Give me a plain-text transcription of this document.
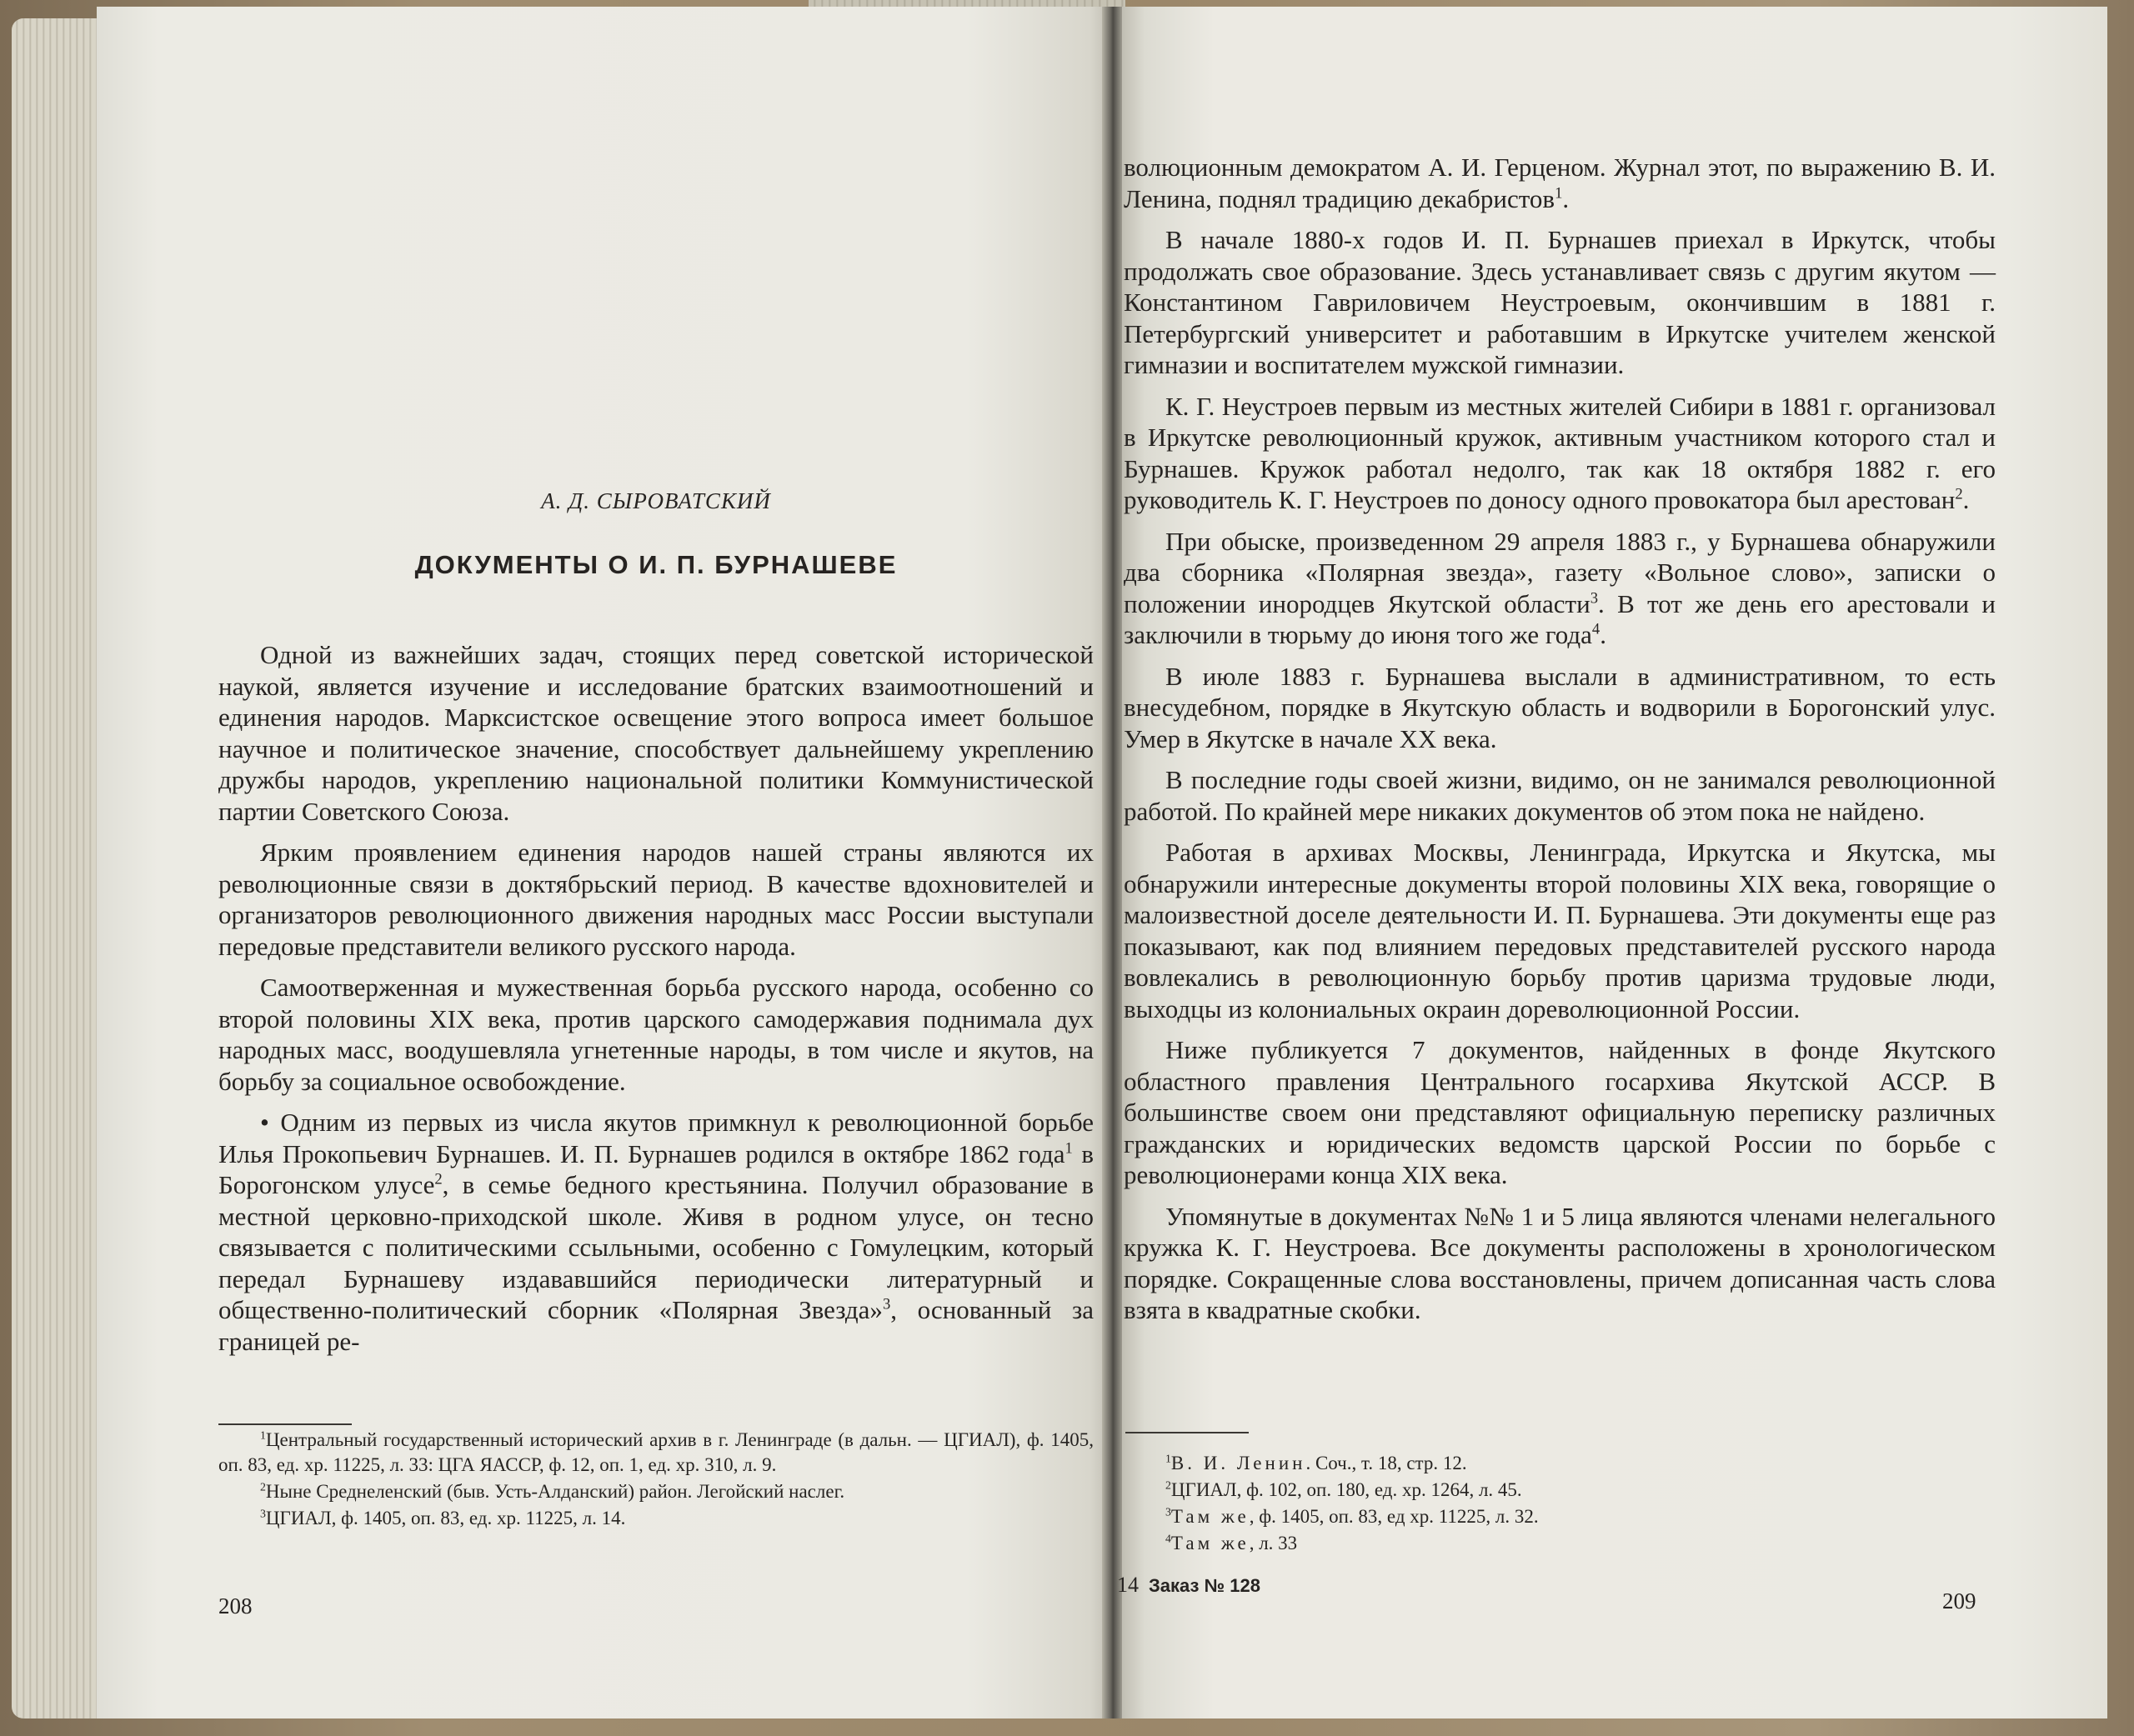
А. Д. СЫРОВАТСКИЙ
ДОКУМЕНТЫ О И. П. БУРНАШЕВЕ

Одной из важнейших задач, стоящих перед советской исторической наукой, является изучение и исследование братских взаимоотношений и единения народов. Марксистское освещение этого вопроса имеет большое научное и политическое значение, способствует дальнейшему укреплению дружбы народов, укреплению национальной политики Коммунистической партии Советского Союза.

Ярким проявлением единения народов нашей страны являются их революционные связи в доктябрьский период. В качестве вдохновителей и организаторов революционного движения народных масс России выступали передовые представители великого русского народа.

Самоотверженная и мужественная борьба русского народа, особенно со второй половины XIX века, против царского самодержавия поднимала дух народных масс, воодушевляла угнетенные народы, в том числе и якутов, на борьбу за социальное освобождение.

• Одним из первых из числа якутов примкнул к революционной борьбе Илья Прокопьевич Бурнашев. И. П. Бурнашев родился в октябре 1862 года$^1$ в Борогонском улусе$^2$, в семье бедного крестьянина. Получил образование в местной церковно-приходской школе. Живя в родном улусе, он тесно связывается с политическими ссыльными, особенно с Гомулецким, который передал Бурнашеву издававшийся периодически литературный и общественно-политический сборник «Полярная Звезда»$^3$, основанный за границей ре-

$^1$Центральный государственный исторический архив в г. Ленинграде (в дальн. — ЦГИАЛ), ф. 1405, оп. 83, ед. хр. 11225, л. 33: ЦГА ЯАССР, ф. 12, оп. 1, ед. хр. 310, л. 9.

$^2$Ныне Среднеленский (быв. Усть-Алданский) район. Легойский наслег.

$^3$ЦГИАЛ, ф. 1405, оп. 83, ед. хр. 11225, л. 14.

208

волюционным демократом А. И. Герценом. Журнал этот, по выражению В. И. Ленина, поднял традицию декабристов$^1$.

В начале 1880-х годов И. П. Бурнашев приехал в Иркутск, чтобы продолжать свое образование. Здесь устанавливает связь с другим якутом — Константином Гавриловичем Неустроевым, окончившим в 1881 г. Петербургский университет и работавшим в Иркутске учителем женской гимназии и воспитателем мужской гимназии.

К. Г. Неустроев первым из местных жителей Сибири в 1881 г. организовал в Иркутске революционный кружок, активным участником которого стал и Бурнашев. Кружок работал недолго, так как 18 октября 1882 г. его руководитель К. Г. Неустроев по доносу одного провокатора был арестован$^2$.

При обыске, произведенном 29 апреля 1883 г., у Бурнашева обнаружили два сборника «Полярная звезда», газету «Вольное слово», записки о положении инородцев Якутской области$^3$. В тот же день его арестовали и заключили в тюрьму до июня того же года$^4$.

В июле 1883 г. Бурнашева выслали в административном, то есть внесудебном, порядке в Якутскую область и водворили в Борогонский улус. Умер в Якутске в начале XX века.

В последние годы своей жизни, видимо, он не занимался революционной работой. По крайней мере никаких документов об этом пока не найдено.

Работая в архивах Москвы, Ленинграда, Иркутска и Якутска, мы обнаружили интересные документы второй половины XIX века, говорящие о малоизвестной доселе деятельности И. П. Бурнашева. Эти документы еще раз показывают, как под влиянием передовых представителей русского народа вовлекались в революционную борьбу против царизма трудовые люди, выходцы из колониальных окраин дореволюционной России.

Ниже публикуется 7 документов, найденных в фонде Якутского областного правления Центрального госархива Якутской АССР. В большинстве своем они представляют официальную переписку различных гражданских и юридических ведомств царской России по борьбе с революционерами конца XIX века.

Упомянутые в документах №№ 1 и 5 лица являются членами нелегального кружка К. Г. Неустроева. Все документы расположены в хронологическом порядке. Сокращенные слова восстановлены, причем дописанная часть слова взята в квадратные скобки.

$^1$В. И. Ленин. Соч., т. 18, стр. 12.

$^2$ЦГИАЛ, ф. 102, оп. 180, ед. хр. 1264, л. 45.

$^3$Там же, ф. 1405, оп. 83, ед хр. 11225, л. 32.

$^4$Там же, л. 33

14 Заказ № 128
209
